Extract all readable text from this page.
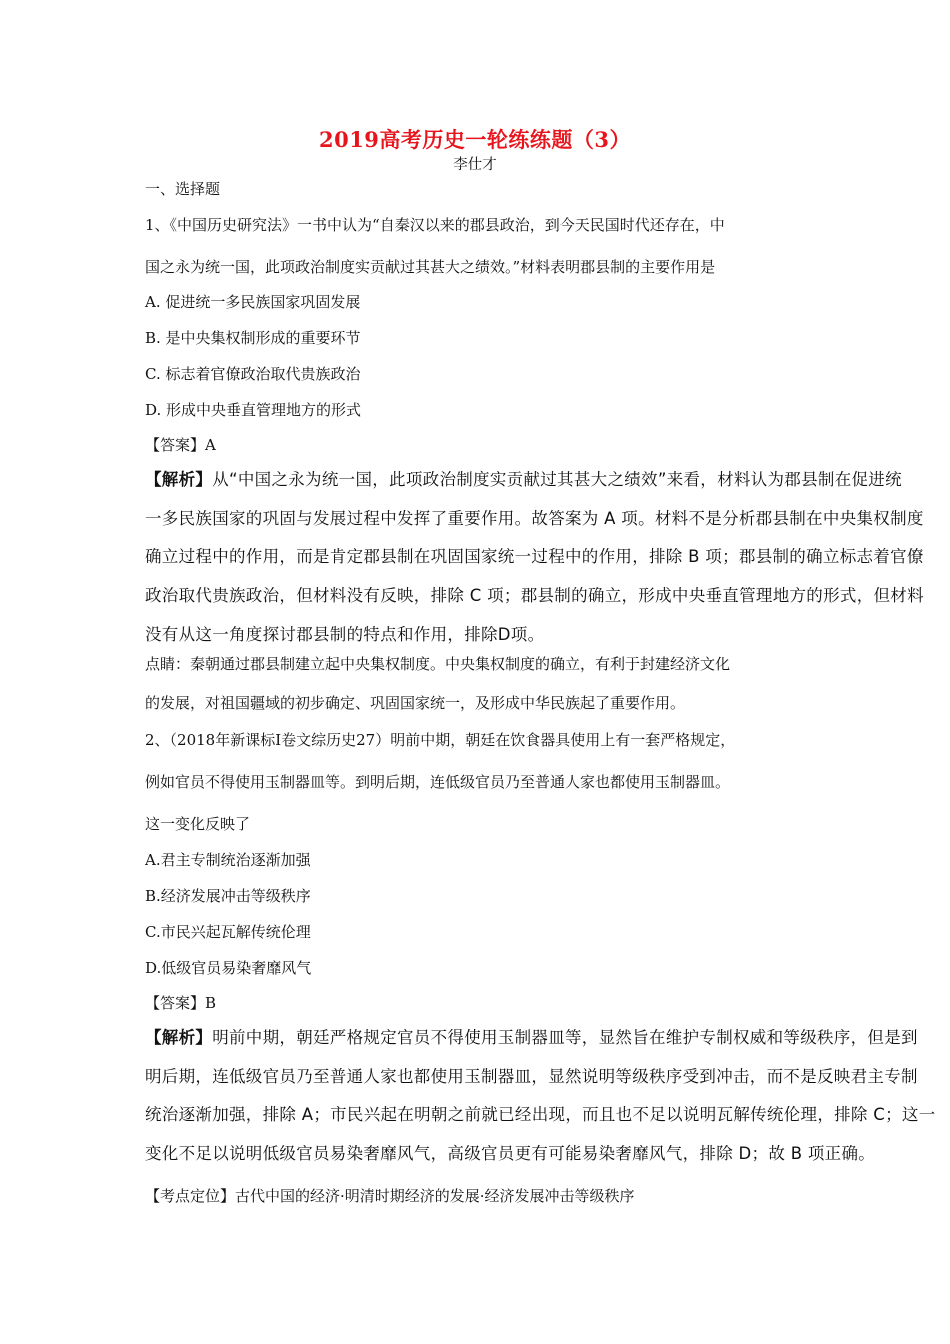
2019高考历史一轮练练题（3）
李仕才
一、选择题
1、《中国历史研究法》一书中认为“自秦汉以来的郡县政治，到今天民国时代还存在，中
国之永为统一国，此项政治制度实贡献过其甚大之绩效。”材料表明郡县制的主要作用是
A. 促进统一多民族国家巩固发展
B. 是中央集权制形成的重要环节
C. 标志着官僚政治取代贵族政治
D. 形成中央垂直管理地方的形式
【答案】A
【解析】从“中国之永为统一国，此项政治制度实贡献过其甚大之绩效”来看，材料认为郡县制在促进统
一多民族国家的巩固与发展过程中发挥了重要作用。故答案为 A 项。材料不是分析郡县制在中央集权制度
确立过程中的作用，而是肯定郡县制在巩固国家统一过程中的作用，排除 B 项；郡县制的确立标志着官僚
政治取代贵族政治，但材料没有反映，排除 C 项；郡县制的确立，形成中央垂直管理地方的形式，但材料
没有从这一角度探讨郡县制的特点和作用，排除D项。
点睛：秦朝通过郡县制建立起中央集权制度。中央集权制度的确立，有利于封建经济文化
的发展，对祖国疆域的初步确定、巩固国家统一，及形成中华民族起了重要作用。
2、（2018年新课标Ⅰ卷文综历史27）明前中期，朝廷在饮食器具使用上有一套严格规定，
例如官员不得使用玉制器皿等。到明后期，连低级官员乃至普通人家也都使用玉制器皿。
这一变化反映了
A.君主专制统治逐渐加强
B.经济发展冲击等级秩序
C.市民兴起瓦解传统伦理
D.低级官员易染奢靡风气
【答案】B
【解析】明前中期，朝廷严格规定官员不得使用玉制器皿等，显然旨在维护专制权威和等级秩序，但是到
明后期，连低级官员乃至普通人家也都使用玉制器皿，显然说明等级秩序受到冲击，而不是反映君主专制
统治逐渐加强，排除 A；市民兴起在明朝之前就已经出现，而且也不足以说明瓦解传统伦理，排除 C；这一
变化不足以说明低级官员易染奢靡风气，高级官员更有可能易染奢靡风气，排除 D；故 B 项正确。
【考点定位】古代中国的经济·明清时期经济的发展·经济发展冲击等级秩序
